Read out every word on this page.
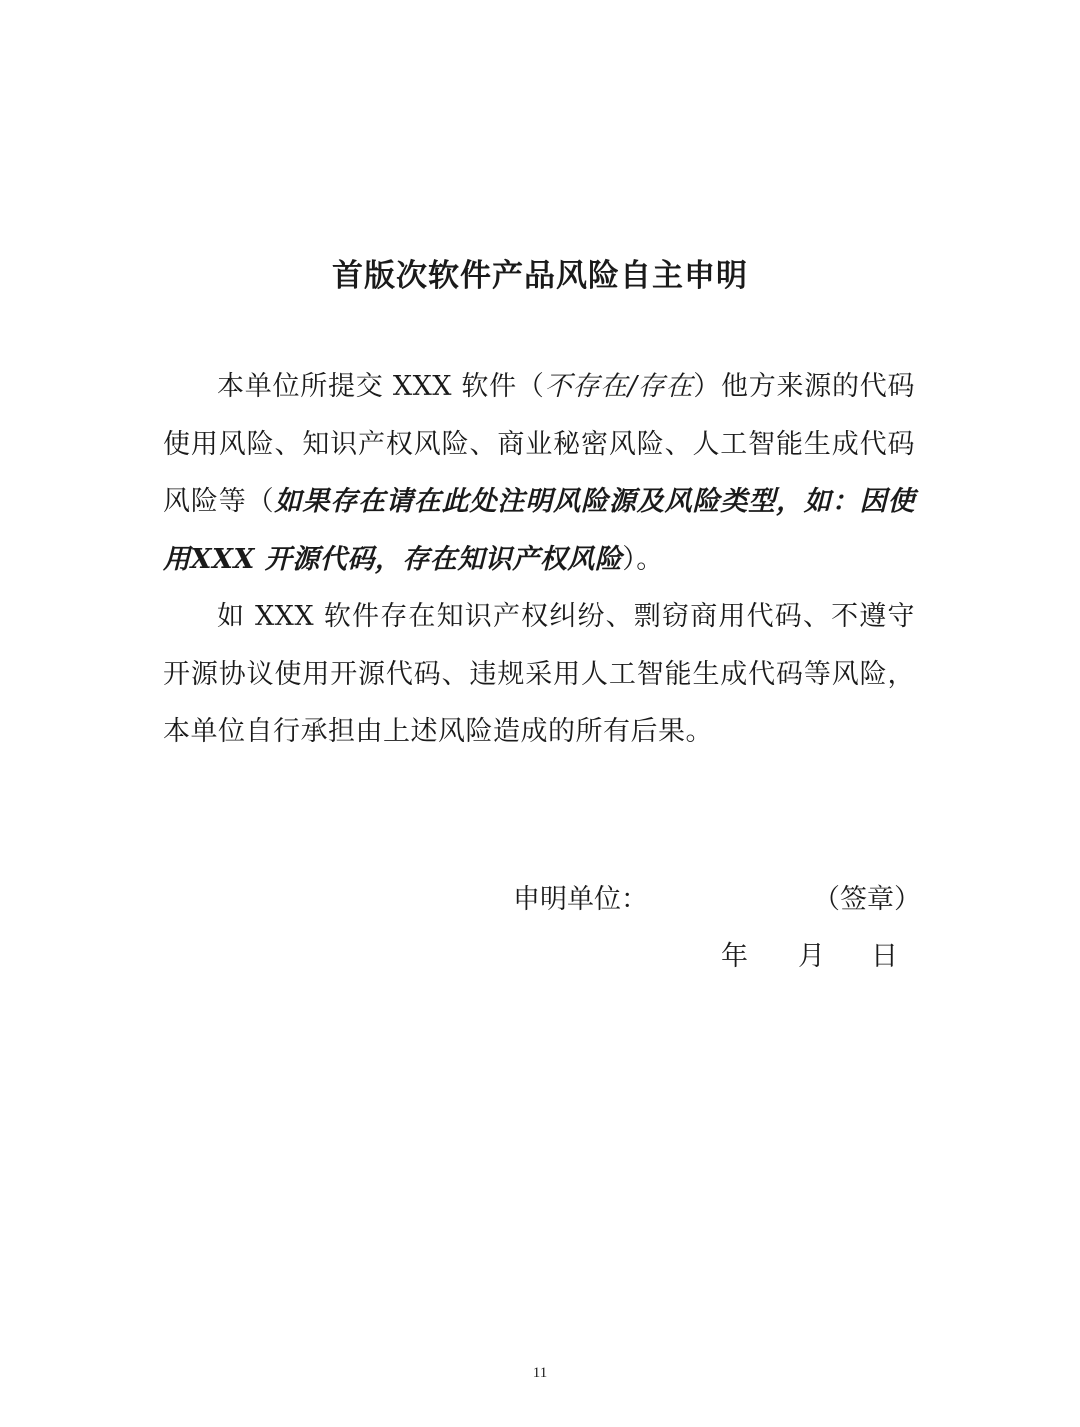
首版次软件产品风险自主申明

本单位所提交 XXX 软件（不存在/存在）他方来源的代码使用风险、知识产权风险、商业秘密风险、人工智能生成代码风险等（如果存在请在此处注明风险源及风险类型，如：因使用XXX 开源代码，存在知识产权风险）。

如 XXX 软件存在知识产权纠纷、剽窃商用代码、不遵守开源协议使用开源代码、违规采用人工智能生成代码等风险，本单位自行承担由上述风险造成的所有后果。

申明单位：	（签章）
年 月 日
11
